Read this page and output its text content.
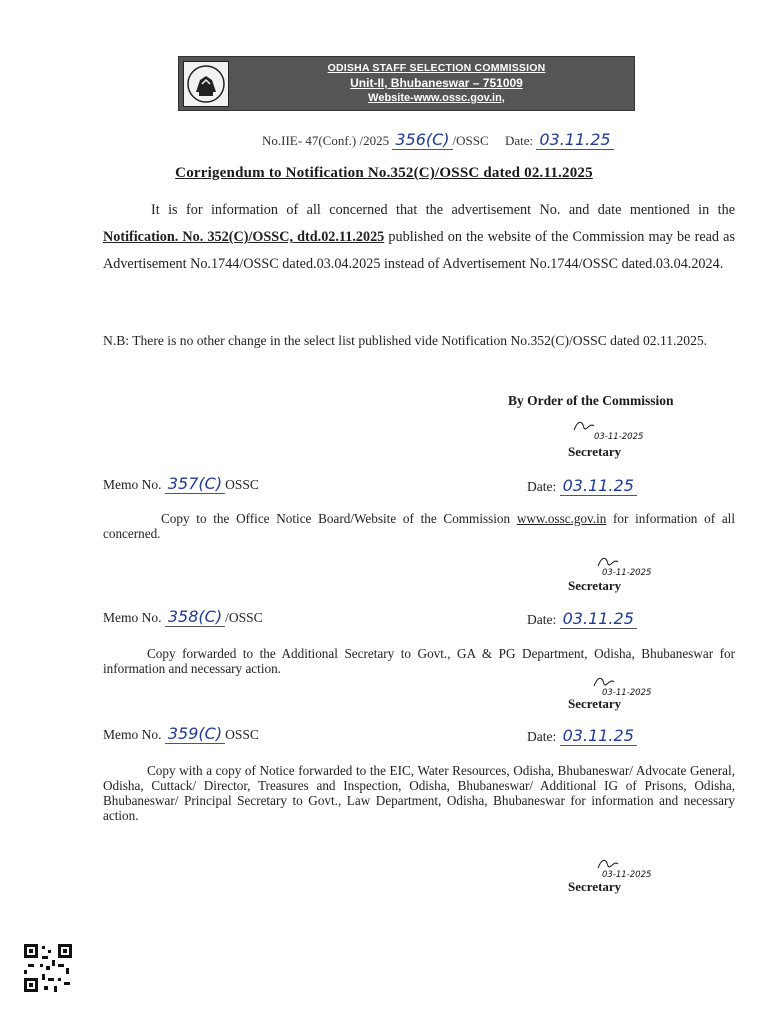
ODISHA STAFF SELECTION COMMISSION
Unit-II, Bhubaneswar – 751009
Website-www.ossc.gov.in,
No.IIE- 47(Conf.) /2025 356(C) /OSSC Date: 03.11.25
Corrigendum to Notification No.352(C)/OSSC dated 02.11.2025
It is for information of all concerned that the advertisement No. and date mentioned in the Notification. No. 352(C)/OSSC, dtd.02.11.2025 published on the website of the Commission may be read as Advertisement No.1744/OSSC dated.03.04.2025 instead of Advertisement No.1744/OSSC dated.03.04.2024.
N.B: There is no other change in the select list published vide Notification No.352(C)/OSSC dated 02.11.2025.
By Order of the Commission
03-11-2025
Secretary
Memo No. 357(C) OSSC	Date: 03.11.25
Copy to the Office Notice Board/Website of the Commission www.ossc.gov.in for information of all concerned.
03-11-2025
Secretary
Memo No. 358(C) /OSSC	Date: 03.11.25
Copy forwarded to the Additional Secretary to Govt., GA & PG Department, Odisha, Bhubaneswar for information and necessary action.
03-11-2025
Secretary
Memo No. 359(C) OSSC	Date: 03.11.25
Copy with a copy of Notice forwarded to the EIC, Water Resources, Odisha, Bhubaneswar/ Advocate General, Odisha, Cuttack/ Director, Treasures and Inspection, Odisha, Bhubaneswar/ Additional IG of Prisons, Odisha, Bhubaneswar/ Principal Secretary to Govt., Law Department, Odisha, Bhubaneswar for information and necessary action.
03-11-2025
Secretary
